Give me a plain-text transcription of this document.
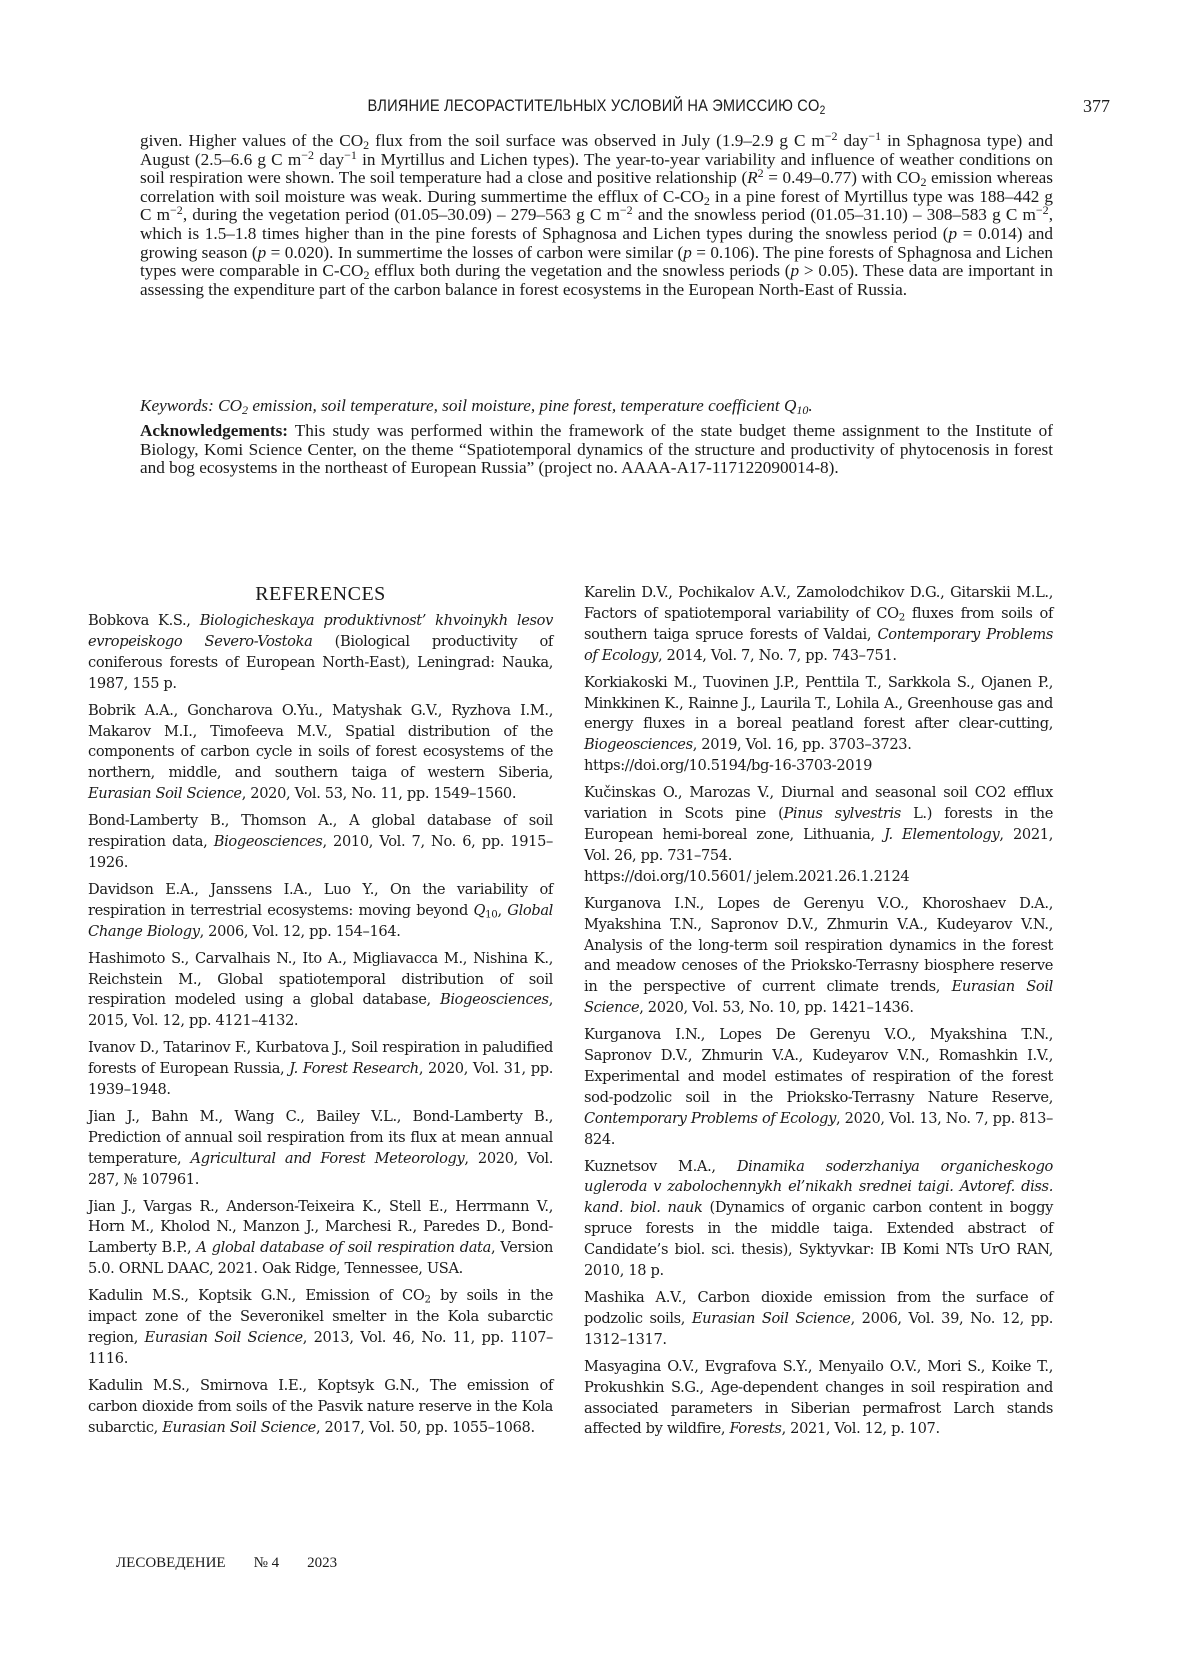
ВЛИЯНИЕ ЛЕСОРАСТИТЕЛЬНЫХ УСЛОВИЙ НА ЭМИССИЮ $CO_2$	377

given. Higher values of the $CO_2$ flux from the soil surface was observed in July (1.9–2.9 g C $m^{-2}$ day$^{-1}$ in Sphagnosa type) and August (2.5–6.6 g C $m^{-2}$ day$^{-1}$ in Myrtillus and Lichen types). The year-to-year variability and influence of weather conditions on soil respiration were shown. The soil temperature had a close and positive relationship $(R^2 = 0.49-0.77)$ with $CO_2$ emission whereas correlation with soil moisture was weak. During summertime the efflux of $C-CO_2$ in a pine forest of Myrtillus type was 188–442 g C $m^{-2}$, during the vegetation period (01.05–30.09) – 279–563 g C $m^{-2}$ and the snowless period (01.05–31.10) – 308–583 g C $m^{-2}$, which is 1.5–1.8 times higher than in the pine forests of Sphagnosa and Lichen types during the snowless period (p = 0.014) and growing season (p = 0.020). In summertime the losses of carbon were similar (p = 0.106). The pine forests of Sphagnosa and Lichen types were comparable in $C-CO_2$ efflux both during the vegetation and the snowless periods (p > 0.05). These data are important in assessing the expenditure part of the carbon balance in forest ecosystems in the European North-East of Russia.

Keywords: $CO_2$ emission, soil temperature, soil moisture, pine forest, temperature coefficient $Q_{10}$.
Acknowledgements: This study was performed within the framework of the state budget theme assignment to the Institute of Biology, Komi Science Center, on the theme “Spatiotemporal dynamics of the structure and productivity of phytocenosis in forest and bog ecosystems in the northeast of European Russia” (project no. AAAA-A17-117122090014-8).
REFERENCES
Bobkova K.S., Biologicheskaya produktivnost’ khvoinykh lesov evropeiskogo Severo-Vostoka (Biological productivity of coniferous forests of European North-East), Leningrad: Nauka, 1987, 155 p.
Bobrik A.A., Goncharova O.Yu., Matyshak G.V., Ryzhova I.M., Makarov M.I., Timofeeva M.V., Spatial distribution of the components of carbon cycle in soils of forest ecosystems of the northern, middle, and southern taiga of western Siberia, Eurasian Soil Science, 2020, Vol. 53, No. 11, pp. 1549–1560.
Bond-Lamberty B., Thomson A., A global database of soil respiration data, Biogeosciences, 2010, Vol. 7, No. 6, pp. 1915–1926.
Davidson E.A., Janssens I.A., Luo Y., On the variability of respiration in terrestrial ecosystems: moving beyond $Q_{10}$, Global Change Biology, 2006, Vol. 12, pp. 154–164.
Hashimoto S., Carvalhais N., Ito A., Migliavacca M., Nishina K., Reichstein M., Global spatiotemporal distribution of soil respiration modeled using a global database, Biogeosciences, 2015, Vol. 12, pp. 4121–4132.
Ivanov D., Tatarinov F., Kurbatova J., Soil respiration in paludified forests of European Russia, J. Forest Research, 2020, Vol. 31, pp. 1939–1948.
Jian J., Bahn M., Wang C., Bailey V.L., Bond-Lamberty B., Prediction of annual soil respiration from its flux at mean annual temperature, Agricultural and Forest Meteorology, 2020, Vol. 287, № 107961.
Jian J., Vargas R., Anderson-Teixeira K., Stell E., Herrmann V., Horn M., Kholod N., Manzon J., Marchesi R., Paredes D., Bond-Lamberty B.P., A global database of soil respiration data, Version 5.0. ORNL DAAC, 2021. Oak Ridge, Tennessee, USA.
Kadulin M.S., Koptsik G.N., Emission of $CO_2$ by soils in the impact zone of the Severonikel smelter in the Kola subarctic region, Eurasian Soil Science, 2013, Vol. 46, No. 11, pp. 1107–1116.
Kadulin M.S., Smirnova I.E., Koptsyk G.N., The emission of carbon dioxide from soils of the Pasvik nature reserve in the Kola subarctic, Eurasian Soil Science, 2017, Vol. 50, pp. 1055–1068.
Karelin D.V., Pochikalov A.V., Zamolodchikov D.G., Gitarskii M.L., Factors of spatiotemporal variability of $CO_2$ fluxes from soils of southern taiga spruce forests of Valdai, Contemporary Problems of Ecology, 2014, Vol. 7, No. 7, pp. 743–751.
Korkiakoski M., Tuovinen J.P., Penttila T., Sarkkola S., Ojanen P., Minkkinen K., Rainne J., Laurila T., Lohila A., Greenhouse gas and energy fluxes in a boreal peatland forest after clear-cutting, Biogeosciences, 2019, Vol. 16, pp. 3703–3723.
https://doi.org/10.5194/bg-16-3703-2019
Kučinskas O., Marozas V., Diurnal and seasonal soil CO2 efflux variation in Scots pine (Pinus sylvestris L.) forests in the European hemi-boreal zone, Lithuania, J. Elementology, 2021, Vol. 26, pp. 731–754.
https://doi.org/10.5601/ jelem.2021.26.1.2124
Kurganova I.N., Lopes de Gerenyu V.O., Khoroshaev D.A., Myakshina T.N., Sapronov D.V., Zhmurin V.A., Kudeyarov V.N., Analysis of the long-term soil respiration dynamics in the forest and meadow cenoses of the Prioksko-Terrasny biosphere reserve in the perspective of current climate trends, Eurasian Soil Science, 2020, Vol. 53, No. 10, pp. 1421–1436.
Kurganova I.N., Lopes De Gerenyu V.O., Myakshina T.N., Sapronov D.V., Zhmurin V.A., Kudeyarov V.N., Romashkin I.V., Experimental and model estimates of respiration of the forest sod-podzolic soil in the Prioksko-Terrasny Nature Reserve, Contemporary Problems of Ecology, 2020, Vol. 13, No. 7, pp. 813–824.
Kuznetsov M.A., Dinamika soderzhaniya organicheskogo ugleroda v zabolochennykh el’nikakh srednei taigi. Avtoref. diss. kand. biol. nauk (Dynamics of organic carbon content in boggy spruce forests in the middle taiga. Extended abstract of Candidate’s biol. sci. thesis), Syktyvkar: IB Komi NTs UrO RAN, 2010, 18 p.
Mashika A.V., Carbon dioxide emission from the surface of podzolic soils, Eurasian Soil Science, 2006, Vol. 39, No. 12, pp. 1312–1317.
Masyagina O.V., Evgrafova S.Y., Menyailo O.V., Mori S., Koike T., Prokushkin S.G., Age-dependent changes in soil respiration and associated parameters in Siberian permafrost Larch stands affected by wildfire, Forests, 2021, Vol. 12, p. 107.
ЛЕСОВЕДЕНИЕ № 4 2023
